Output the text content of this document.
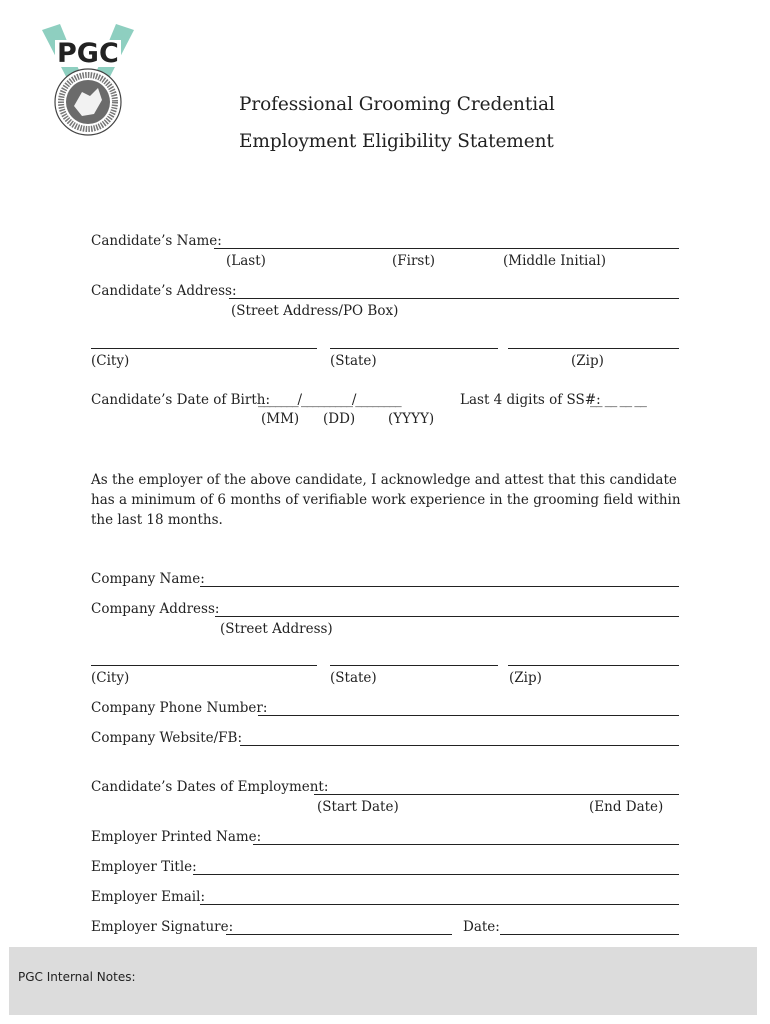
PGC
Professional Grooming Credential
Employment Eligibility Statement
Candidate’s Name:
(Last)	(First)	(Middle Initial)
Candidate’s Address:
(Street Address/PO Box)
(City)	(State)	(Zip)
Candidate’s Date of Birth:
_______/_________/________	Last 4 digits of SS#:
__ __ __ __
(MM) (DD) (YYYY)
As the employer of the above candidate, I acknowledge and attest that this candidate has a minimum of 6 months of verifiable work experience in the grooming field within the last 18 months.
Company Name:
Company Address:
(Street Address)
(City)	(State)	(Zip)
Company Phone Number:
Company Website/FB:
Candidate’s Dates of Employment:
(Start Date)	(End Date)
Employer Printed Name:
Employer Title:
Employer Email:
Employer Signature:	Date:
PGC Internal Notes:
